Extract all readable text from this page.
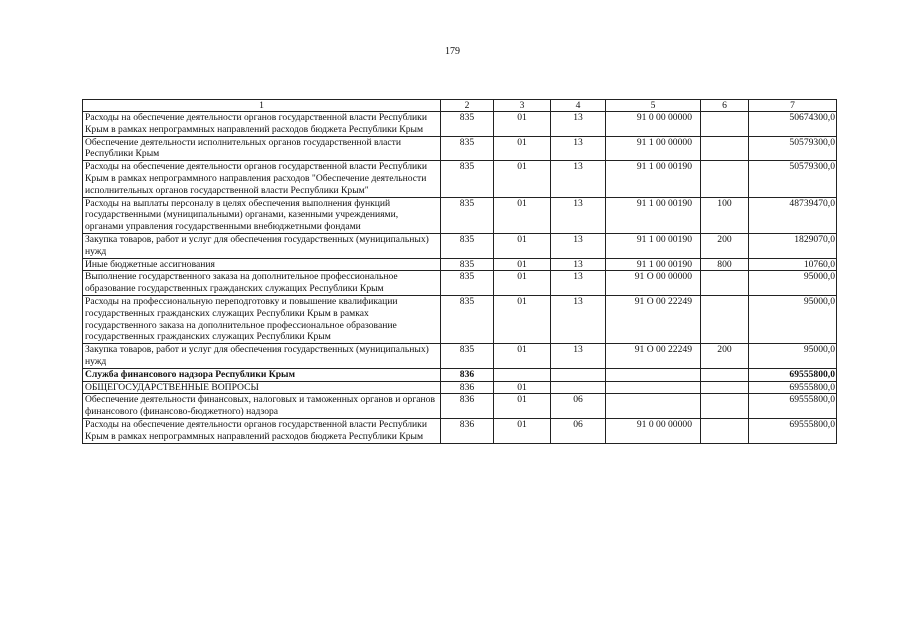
179
1	2	3	4	5	6	7
Расходы на обеспечение деятельности органов государственной власти Республики Крым в рамках непрограммных направлений расходов бюджета Республики Крым	835	01	13	91 0 00 00000		50674300,0
Обеспечение деятельности исполнительных органов государственной власти Республики Крым	835	01	13	91 1 00 00000		50579300,0
Расходы на обеспечение деятельности органов государственной власти Республики Крым в рамках непрограммного направления расходов "Обеспечение деятельности исполнительных органов государственной власти Республики Крым"	835	01	13	91 1 00 00190		50579300,0
Расходы на выплаты персоналу в целях обеспечения выполнения функций государственными (муниципальными) органами, казенными учреждениями, органами управления государственными внебюджетными фондами	835	01	13	91 1 00 00190	100	48739470,0
Закупка товаров, работ и услуг для обеспечения государственных (муниципальных) нужд	835	01	13	91 1 00 00190	200	1829070,0
Иные бюджетные ассигнования	835	01	13	91 1 00 00190	800	10760,0
Выполнение государственного заказа на дополнительное профессиональное образование государственных гражданских служащих Республики Крым	835	01	13	91 О 00 00000		95000,0
Расходы на профессиональную переподготовку и повышение квалификации государственных гражданских служащих Республики Крым в рамках государственного заказа на дополнительное профессиональное образование государственных гражданских служащих Республики Крым	835	01	13	91 О 00 22249		95000,0
Закупка товаров, работ и услуг для обеспечения государственных (муниципальных) нужд	835	01	13	91 О 00 22249	200	95000,0
Служба финансового надзора Республики Крым	836					69555800,0
ОБЩЕГОСУДАРСТВЕННЫЕ ВОПРОСЫ	836	01				69555800,0
Обеспечение деятельности финансовых, налоговых и таможенных органов и органов финансового (финансово-бюджетного) надзора	836	01	06			69555800,0
Расходы на обеспечение деятельности органов государственной власти Республики Крым в рамках непрограммных направлений расходов бюджета Республики Крым	836	01	06	91 0 00 00000		69555800,0
